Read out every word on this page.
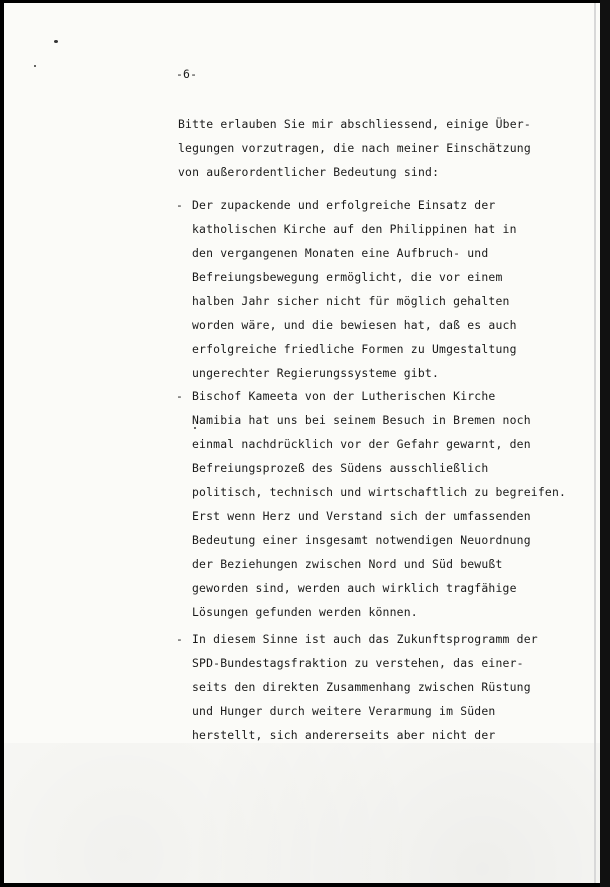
-6-
Bitte erlauben Sie mir abschliessend, einige Über-
legungen vorzutragen, die nach meiner Einschätzung
von außerordentlicher Bedeutung sind:
- Der zupackende und erfolgreiche Einsatz der
katholischen Kirche auf den Philippinen hat in
den vergangenen Monaten eine Aufbruch- und
Befreiungsbewegung ermöglicht, die vor einem
halben Jahr sicher nicht für möglich gehalten
worden wäre, und die bewiesen hat, daß es auch
erfolgreiche friedliche Formen zu Umgestaltung
ungerechter Regierungssysteme gibt.
- Bischof Kameeta von der Lutherischen Kirche
Namibia hat uns bei seinem Besuch in Bremen noch
einmal nachdrücklich vor der Gefahr gewarnt, den
Befreiungsprozeß des Südens ausschließlich
politisch, technisch und wirtschaftlich zu begreifen.
Erst wenn Herz und Verstand sich der umfassenden
Bedeutung einer insgesamt notwendigen Neuordnung
der Beziehungen zwischen Nord und Süd bewußt
geworden sind, werden auch wirklich tragfähige
Lösungen gefunden werden können.
- In diesem Sinne ist auch das Zukunftsprogramm der
SPD-Bundestagsfraktion zu verstehen, das einer-
seits den direkten Zusammenhang zwischen Rüstung
und Hunger durch weitere Verarmung im Süden
herstellt, sich andererseits aber nicht der
